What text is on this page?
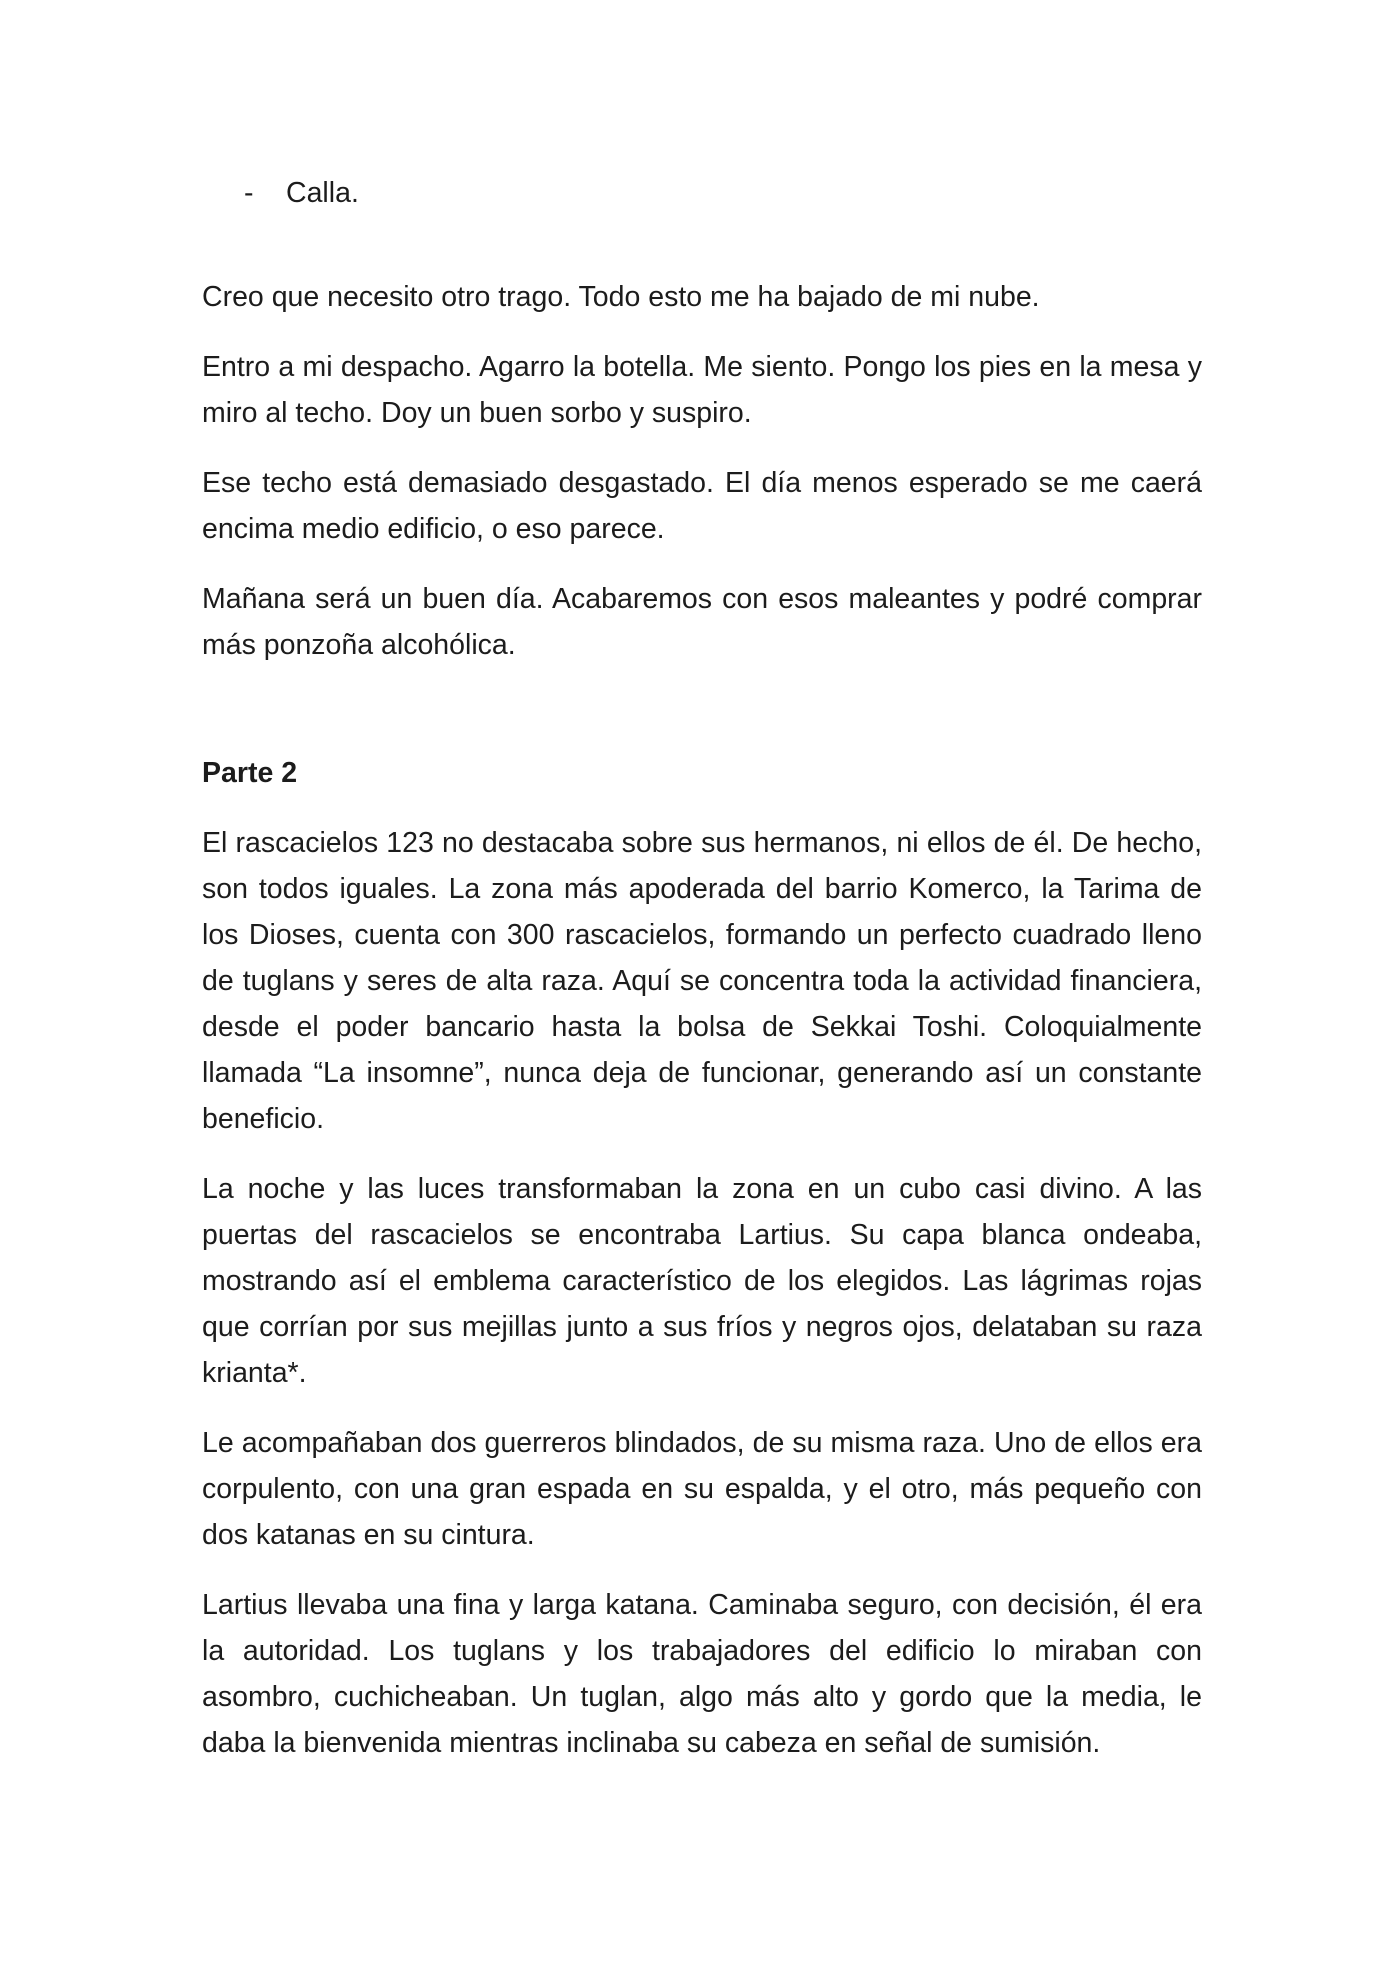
- Calla.

Creo que necesito otro trago. Todo esto me ha bajado de mi nube.

Entro a mi despacho. Agarro la botella. Me siento. Pongo los pies en la mesa y miro al techo. Doy un buen sorbo y suspiro.

Ese techo está demasiado desgastado. El día menos esperado se me caerá encima medio edificio, o eso parece.

Mañana será un buen día. Acabaremos con esos maleantes y podré comprar más ponzoña alcohólica.

Parte 2

El rascacielos 123 no destacaba sobre sus hermanos, ni ellos de él. De hecho, son todos iguales. La zona más apoderada del barrio Komerco, la Tarima de los Dioses, cuenta con 300 rascacielos, formando un perfecto cuadrado lleno de tuglans y seres de alta raza. Aquí se concentra toda la actividad financiera, desde el poder bancario hasta la bolsa de Sekkai Toshi. Coloquialmente llamada “La insomne”, nunca deja de funcionar, generando así un constante beneficio.

La noche y las luces transformaban la zona en un cubo casi divino. A las puertas del rascacielos se encontraba Lartius. Su capa blanca ondeaba, mostrando así el emblema característico de los elegidos. Las lágrimas rojas que corrían por sus mejillas junto a sus fríos y negros ojos, delataban su raza krianta*.

Le acompañaban dos guerreros blindados, de su misma raza. Uno de ellos era corpulento, con una gran espada en su espalda, y el otro, más pequeño con dos katanas en su cintura.

Lartius llevaba una fina y larga katana. Caminaba seguro, con decisión, él era la autoridad. Los tuglans y los trabajadores del edificio lo miraban con asombro, cuchicheaban. Un tuglan, algo más alto y gordo que la media, le daba la bienvenida mientras inclinaba su cabeza en señal de sumisión.
